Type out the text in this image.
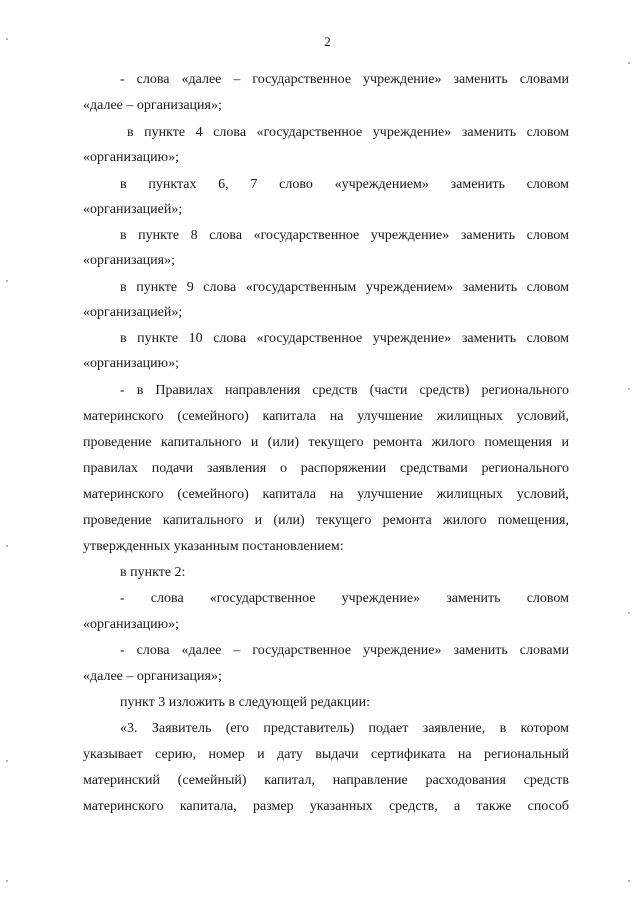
2
- слова «далее – государственное учреждение» заменить словами
«далее – организация»;
в пункте 4 слова «государственное учреждение» заменить словом
«организацию»;
в пунктах 6, 7 слово «учреждением» заменить словом
«организацией»;
в пункте 8 слова «государственное учреждение» заменить словом
«организация»;
в пункте 9 слова «государственным учреждением» заменить словом
«организацией»;
в пункте 10 слова «государственное учреждение» заменить словом
«организацию»;
- в Правилах направления средств (части средств) регионального
материнского (семейного) капитала на улучшение жилищных условий,
проведение капитального и (или) текущего ремонта жилого помещения и
правилах подачи заявления о распоряжении средствами регионального
материнского (семейного) капитала на улучшение жилищных условий,
проведение капитального и (или) текущего ремонта жилого помещения,
утвержденных указанным постановлением:
в пункте 2:
- слова «государственное учреждение» заменить словом
«организацию»;
- слова «далее – государственное учреждение» заменить словами
«далее – организация»;
пункт 3 изложить в следующей редакции:
«3. Заявитель (его представитель) подает заявление, в котором
указывает серию, номер и дату выдачи сертификата на региональный
материнский (семейный) капитал, направление расходования средств
материнского капитала, размер указанных средств, а также способ
